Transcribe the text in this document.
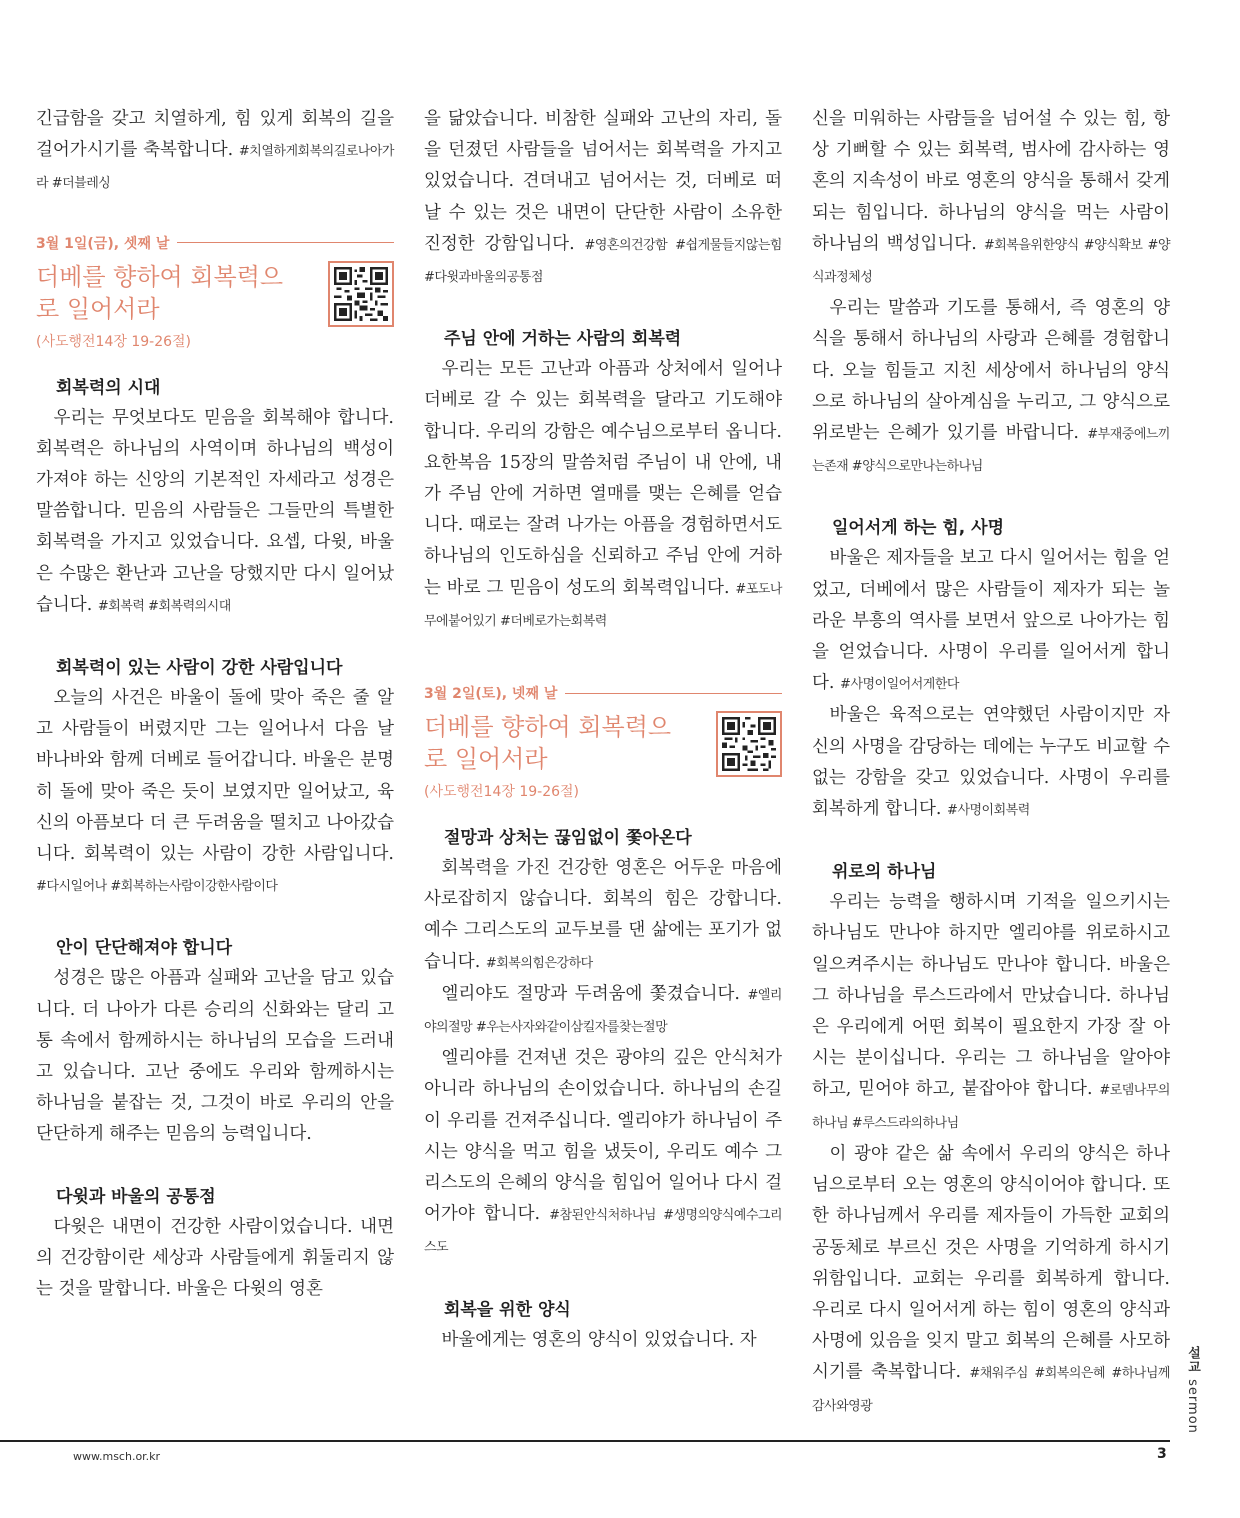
긴급함을 갖고 치열하게, 힘 있게 회복의 길을 걸어가시기를 축복합니다. #치열하게회복의길로나아가라 #더블레싱

3월 1일(금), 셋째 날

더베를 향하여 회복력으로 일어서라

(사도행전14장 19-26절)

회복력의 시대

우리는 무엇보다도 믿음을 회복해야 합니다. 회복력은 하나님의 사역이며 하나님의 백성이 가져야 하는 신앙의 기본적인 자세라고 성경은 말씀합니다. 믿음의 사람들은 그들만의 특별한 회복력을 가지고 있었습니다. 요셉, 다윗, 바울은 수많은 환난과 고난을 당했지만 다시 일어났습니다. #회복력 #회복력의시대

회복력이 있는 사람이 강한 사람입니다

오늘의 사건은 바울이 돌에 맞아 죽은 줄 알고 사람들이 버렸지만 그는 일어나서 다음 날 바나바와 함께 더베로 들어갑니다. 바울은 분명히 돌에 맞아 죽은 듯이 보였지만 일어났고, 육신의 아픔보다 더 큰 두려움을 떨치고 나아갔습니다. 회복력이 있는 사람이 강한 사람입니다. #다시일어나 #회복하는사람이강한사람이다

안이 단단해져야 합니다

성경은 많은 아픔과 실패와 고난을 담고 있습니다. 더 나아가 다른 승리의 신화와는 달리 고통 속에서 함께하시는 하나님의 모습을 드러내고 있습니다. 고난 중에도 우리와 함께하시는 하나님을 붙잡는 것, 그것이 바로 우리의 안을 단단하게 해주는 믿음의 능력입니다.

다윗과 바울의 공통점

다윗은 내면이 건강한 사람이었습니다. 내면의 건강함이란 세상과 사람들에게 휘둘리지 않는 것을 말합니다. 바울은 다윗의 영혼

을 닮았습니다. 비참한 실패와 고난의 자리, 돌을 던졌던 사람들을 넘어서는 회복력을 가지고 있었습니다. 견뎌내고 넘어서는 것, 더베로 떠날 수 있는 것은 내면이 단단한 사람이 소유한 진정한 강함입니다. #영혼의건강함 #쉽게물들지않는힘 #다윗과바울의공통점

주님 안에 거하는 사람의 회복력

우리는 모든 고난과 아픔과 상처에서 일어나 더베로 갈 수 있는 회복력을 달라고 기도해야 합니다. 우리의 강함은 예수님으로부터 옵니다. 요한복음 15장의 말씀처럼 주님이 내 안에, 내가 주님 안에 거하면 열매를 맺는 은혜를 얻습니다. 때로는 잘려 나가는 아픔을 경험하면서도 하나님의 인도하심을 신뢰하고 주님 안에 거하는 바로 그 믿음이 성도의 회복력입니다. #포도나무에붙어있기 #더베로가는회복력

3월 2일(토), 넷째 날

더베를 향하여 회복력으로 일어서라

(사도행전14장 19-26절)

절망과 상처는 끊임없이 쫓아온다

회복력을 가진 건강한 영혼은 어두운 마음에 사로잡히지 않습니다. 회복의 힘은 강합니다. 예수 그리스도의 교두보를 댄 삶에는 포기가 없습니다. #회복의힘은강하다

엘리야도 절망과 두려움에 쫓겼습니다. #엘리야의절망 #우는사자와같이삼킬자를찾는절망

엘리야를 건져낸 것은 광야의 깊은 안식처가 아니라 하나님의 손이었습니다. 하나님의 손길이 우리를 건져주십니다. 엘리야가 하나님이 주시는 양식을 먹고 힘을 냈듯이, 우리도 예수 그리스도의 은혜의 양식을 힘입어 일어나 다시 걸어가야 합니다. #참된안식처하나님 #생명의양식예수그리스도

회복을 위한 양식

바울에게는 영혼의 양식이 있었습니다. 자

신을 미워하는 사람들을 넘어설 수 있는 힘, 항상 기뻐할 수 있는 회복력, 범사에 감사하는 영혼의 지속성이 바로 영혼의 양식을 통해서 갖게 되는 힘입니다. 하나님의 양식을 먹는 사람이 하나님의 백성입니다. #회복을위한양식 #양식확보 #양식과정체성

우리는 말씀과 기도를 통해서, 즉 영혼의 양식을 통해서 하나님의 사랑과 은혜를 경험합니다. 오늘 힘들고 지친 세상에서 하나님의 양식으로 하나님의 살아계심을 누리고, 그 양식으로 위로받는 은혜가 있기를 바랍니다. #부재중에느끼는존재 #양식으로만나는하나님

일어서게 하는 힘, 사명

바울은 제자들을 보고 다시 일어서는 힘을 얻었고, 더베에서 많은 사람들이 제자가 되는 놀라운 부흥의 역사를 보면서 앞으로 나아가는 힘을 얻었습니다. 사명이 우리를 일어서게 합니다. #사명이일어서게한다

바울은 육적으로는 연약했던 사람이지만 자신의 사명을 감당하는 데에는 누구도 비교할 수 없는 강함을 갖고 있었습니다. 사명이 우리를 회복하게 합니다. #사명이회복력

위로의 하나님

우리는 능력을 행하시며 기적을 일으키시는 하나님도 만나야 하지만 엘리야를 위로하시고 일으켜주시는 하나님도 만나야 합니다. 바울은 그 하나님을 루스드라에서 만났습니다. 하나님은 우리에게 어떤 회복이 필요한지 가장 잘 아시는 분이십니다. 우리는 그 하나님을 알아야 하고, 믿어야 하고, 붙잡아야 합니다. #로뎀나무의하나님 #루스드라의하나님

이 광야 같은 삶 속에서 우리의 양식은 하나님으로부터 오는 영혼의 양식이어야 합니다. 또한 하나님께서 우리를 제자들이 가득한 교회의 공동체로 부르신 것은 사명을 기억하게 하시기 위함입니다. 교회는 우리를 회복하게 합니다. 우리로 다시 일어서게 하는 힘이 영혼의 양식과 사명에 있음을 잊지 말고 회복의 은혜를 사모하시기를 축복합니다. #채워주심 #회복의은혜 #하나님께감사와영광

설교 sermon
www.msch.or.kr	3
